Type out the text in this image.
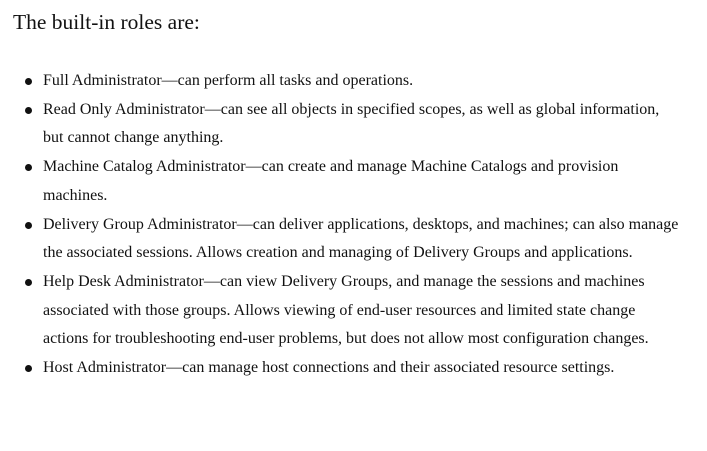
The built-in roles are:
Full Administrator—can perform all tasks and operations.
Read Only Administrator—can see all objects in specified scopes, as well as global information, but cannot change anything.
Machine Catalog Administrator—can create and manage Machine Catalogs and provision machines.
Delivery Group Administrator—can deliver applications, desktops, and machines; can also manage the associated sessions. Allows creation and managing of Delivery Groups and applications.
Help Desk Administrator—can view Delivery Groups, and manage the sessions and machines associated with those groups. Allows viewing of end-user resources and limited state change actions for troubleshooting end-user problems, but does not allow most configuration changes.
Host Administrator—can manage host connections and their associated resource settings.
